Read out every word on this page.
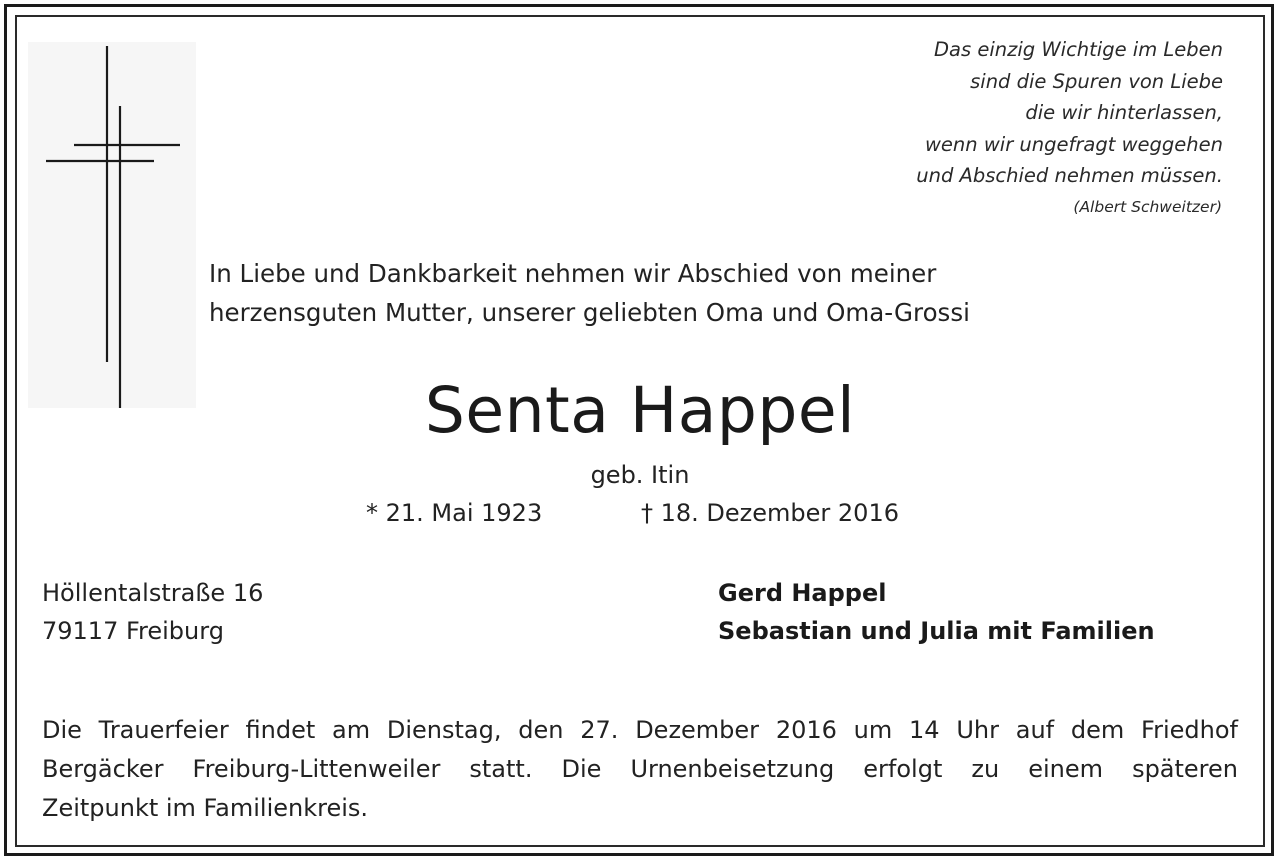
Das einzig Wichtige im Leben
sind die Spuren von Liebe
die wir hinterlassen,
wenn wir ungefragt weggehen
und Abschied nehmen müssen.
(Albert Schweitzer)
In Liebe und Dankbarkeit nehmen wir Abschied von meiner
herzensguten Mutter, unserer geliebten Oma und Oma-Grossi
Senta Happel
geb. Itin
* 21. Mai 1923	† 18. Dezember 2016
Höllentalstraße 16
79117 Freiburg
Gerd Happel
Sebastian und Julia mit Familien
Die Trauerfeier findet am Dienstag, den 27. Dezember 2016 um 14 Uhr auf dem Friedhof
Bergäcker Freiburg-Littenweiler statt. Die Urnenbeisetzung erfolgt zu einem späteren
Zeitpunkt im Familienkreis.
